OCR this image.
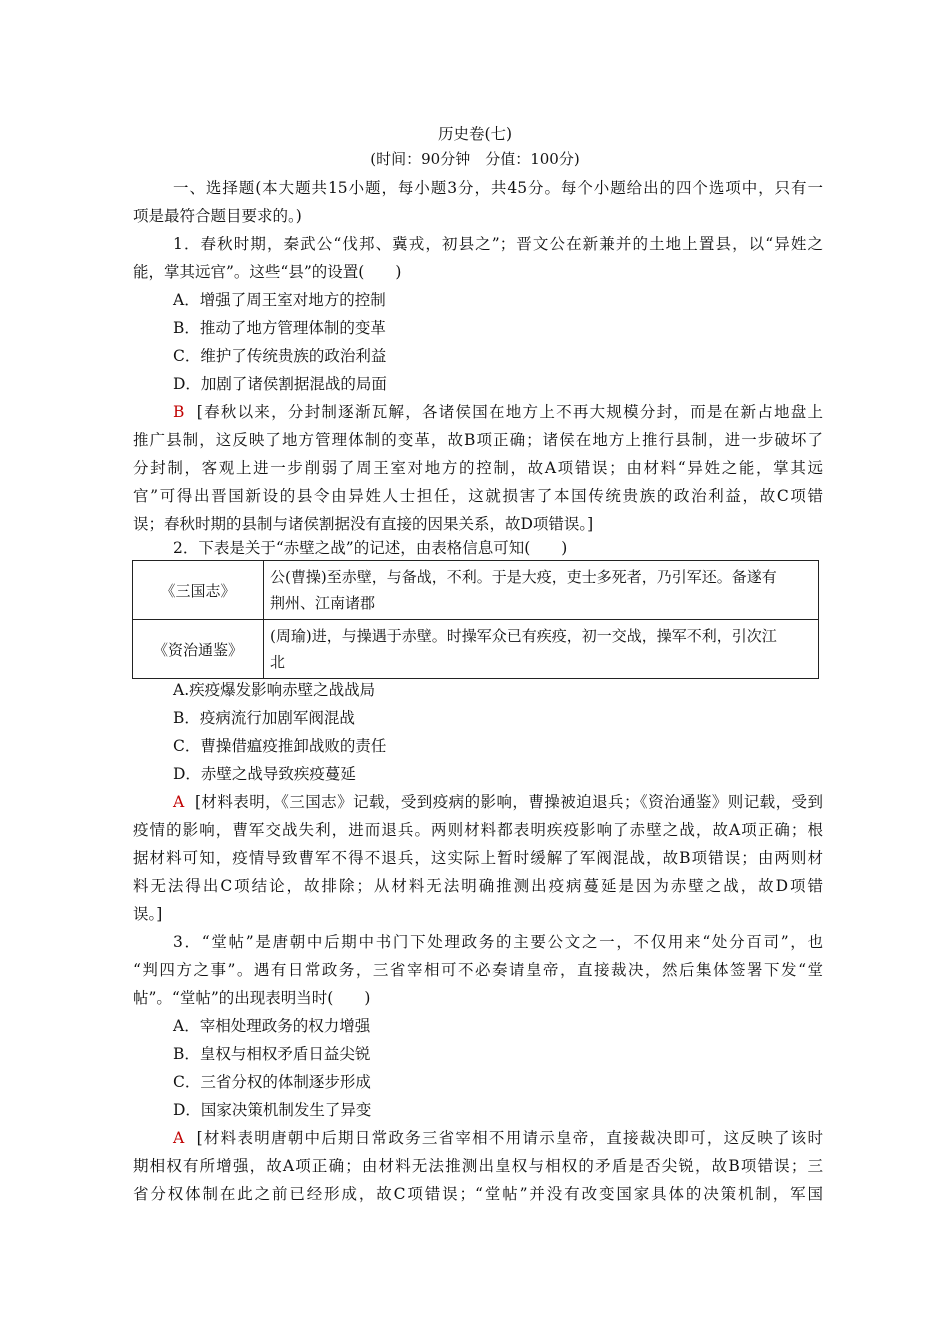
历史卷(七)
(时间：90分钟　分值：100分)
一、选择题(本大题共15小题，每小题3分，共45分。每个小题给出的四个选项中，只有一
项是最符合题目要求的。)
1．春秋时期，秦武公“伐邦、冀戎，初县之”；晋文公在新兼并的土地上置县，以“异姓之
能，掌其远官”。这些“县”的设置(　　)
A．增强了周王室对地方的控制
B．推动了地方管理体制的变革
C．维护了传统贵族的政治利益
D．加剧了诸侯割据混战的局面
B [春秋以来，分封制逐渐瓦解，各诸侯国在地方上不再大规模分封，而是在新占地盘上
推广县制，这反映了地方管理体制的变革，故B项正确；诸侯在地方上推行县制，进一步破坏了
分封制，客观上进一步削弱了周王室对地方的控制，故A项错误；由材料“异姓之能，掌其远
官”可得出晋国新设的县令由异姓人士担任，这就损害了本国传统贵族的政治利益，故C项错
误；春秋时期的县制与诸侯割据没有直接的因果关系，故D项错误。]
2．下表是关于“赤壁之战”的记述，由表格信息可知(　　)
《三国志》	公(曹操)至赤壁，与备战，不利。于是大疫，吏士多死者，乃引军还。备遂有
荆州、江南诸郡

《资治通鉴》	(周瑜)进，与操遇于赤壁。时操军众已有疾疫，初一交战，操军不利，引次江
北
A.疾疫爆发影响赤壁之战战局
B．疫病流行加剧军阀混战
C．曹操借瘟疫推卸战败的责任
D．赤壁之战导致疾疫蔓延
A [材料表明，《三国志》记载，受到疫病的影响，曹操被迫退兵；《资治通鉴》则记载，受到
疫情的影响，曹军交战失利，进而退兵。两则材料都表明疾疫影响了赤壁之战，故A项正确；根
据材料可知，疫情导致曹军不得不退兵，这实际上暂时缓解了军阀混战，故B项错误；由两则材
料无法得出C项结论，故排除；从材料无法明确推测出疫病蔓延是因为赤壁之战，故D项错
误。]
3．“堂帖”是唐朝中后期中书门下处理政务的主要公文之一，不仅用来“处分百司”，也
“判四方之事”。遇有日常政务，三省宰相可不必奏请皇帝，直接裁决，然后集体签署下发“堂
帖”。“堂帖”的出现表明当时(　　)
A．宰相处理政务的权力增强
B．皇权与相权矛盾日益尖锐
C．三省分权的体制逐步形成
D．国家决策机制发生了异变
A [材料表明唐朝中后期日常政务三省宰相不用请示皇帝，直接裁决即可，这反映了该时
期相权有所增强，故A项正确；由材料无法推测出皇权与相权的矛盾是否尖锐，故B项错误；三
省分权体制在此之前已经形成，故C项错误；“堂帖”并没有改变国家具体的决策机制，军国
